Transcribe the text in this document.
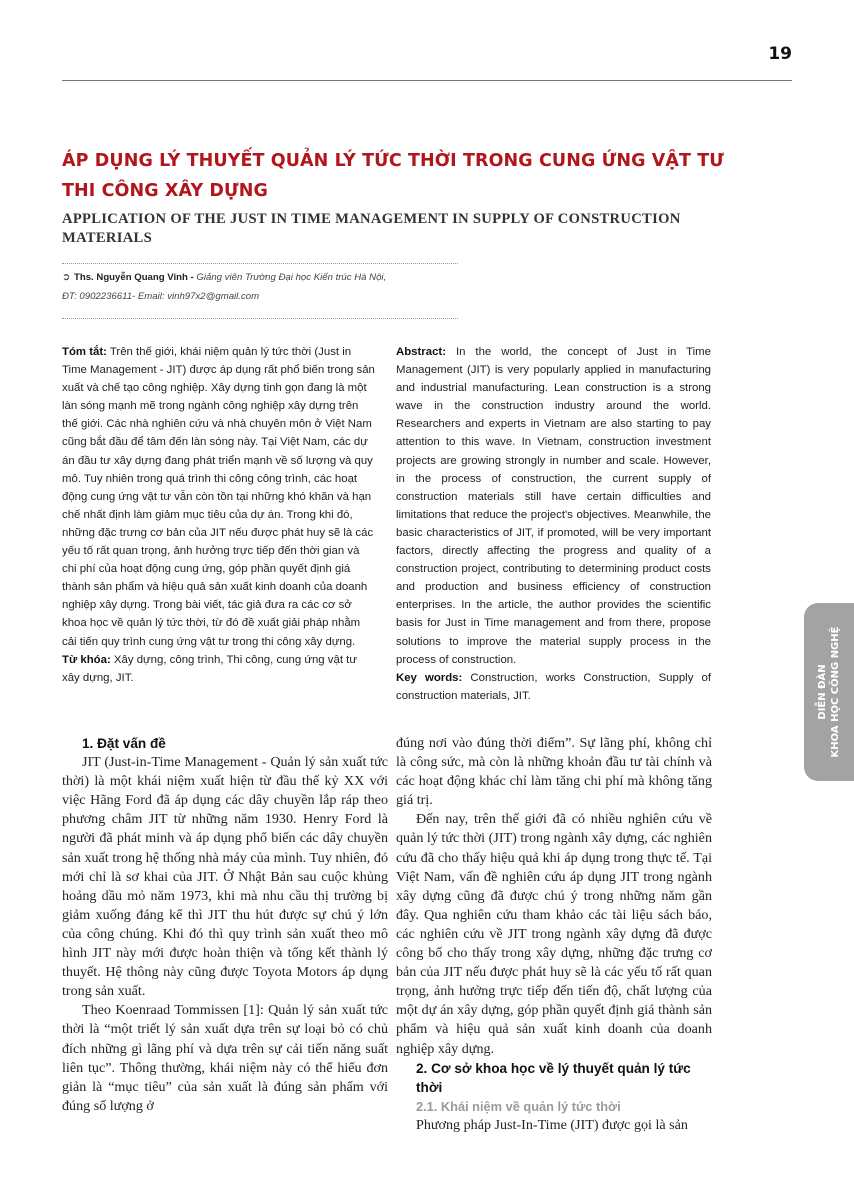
19
ÁP DỤNG LÝ THUYẾT QUẢN LÝ TỨC THỜI TRONG CUNG ỨNG VẬT TƯ THI CÔNG XÂY DỰNG
APPLICATION OF THE JUST IN TIME MANAGEMENT IN SUPPLY OF CONSTRUCTION MATERIALS
➲ Ths. Nguyễn Quang Vinh - Giảng viên Trường Đại học Kiến trúc Hà Nội,
ĐT: 0902236611- Email: vinh97x2@gmail.com

Tóm tắt: Trên thế giới, khái niệm quản lý tức thời (Just in Time Management - JIT) được áp dụng rất phổ biến trong sản xuất và chế tạo công nghiệp. Xây dựng tinh gọn đang là một làn sóng mạnh mẽ trong ngành công nghiệp xây dựng trên thế giới. Các nhà nghiên cứu và nhà chuyên môn ở Việt Nam cũng bắt đầu để tâm đến làn sóng này. Tại Việt Nam, các dự án đầu tư xây dựng đang phát triển mạnh về số lượng và quy mô. Tuy nhiên trong quá trình thi công công trình, các hoạt động cung ứng vật tư vẫn còn tồn tại những khó khăn và hạn chế nhất định làm giảm mục tiêu của dự án. Trong khi đó, những đặc trưng cơ bản của JIT nếu được phát huy sẽ là các yếu tố rất quan trọng, ảnh hưởng trực tiếp đến thời gian và chi phí của hoạt động cung ứng, góp phần quyết định giá thành sản phẩm và hiệu quả sản xuất kinh doanh của doanh nghiệp xây dựng. Trong bài viết, tác giả đưa ra các cơ sở khoa học về quản lý tức thời, từ đó đề xuất giải pháp nhằm cải tiến quy trình cung ứng vật tư trong thi công xây dựng.

Từ khóa: Xây dựng, công trình, Thi công, cung ứng vật tư xây dựng, JIT.

Abstract: In the world, the concept of Just in Time Management (JIT) is very popularly applied in manufacturing and industrial manufacturing. Lean construction is a strong wave in the construction industry around the world. Researchers and experts in Vietnam are also starting to pay attention to this wave. In Vietnam, construction investment projects are growing strongly in number and scale. However, in the process of construction, the current supply of construction materials still have certain difficulties and limitations that reduce the project's objectives. Meanwhile, the basic characteristics of JIT, if promoted, will be very important factors, directly affecting the progress and quality of a construction project, contributing to determining product costs and production and business efficiency of construction enterprises. In the article, the author provides the scientific basis for Just in Time management and from there, propose solutions to improve the material supply process in the process of construction.

Key words: Construction, works Construction, Supply of construction materials, JIT.

1. Đặt vấn đề

JIT (Just-in-Time Management - Quản lý sản xuất tức thời) là một khái niệm xuất hiện từ đầu thế kỷ XX với việc Hãng Ford đã áp dụng các dây chuyền lắp ráp theo phương châm JIT từ những năm 1930. Henry Ford là người đã phát minh và áp dụng phổ biến các dây chuyền sản xuất trong hệ thống nhà máy của mình. Tuy nhiên, đó mới chỉ là sơ khai của JIT. Ở Nhật Bản sau cuộc khủng hoảng dầu mỏ năm 1973, khi mà nhu cầu thị trường bị giảm xuống đáng kể thì JIT thu hút được sự chú ý lớn của công chúng. Khi đó thì quy trình sản xuất theo mô hình JIT này mới được hoàn thiện và tổng kết thành lý thuyết. Hệ thông này cũng được Toyota Motors áp dụng trong sản xuất.

Theo Koenraad Tommissen [1]: Quản lý sản xuất tức thời là “một triết lý sản xuất dựa trên sự loại bỏ có chủ đích những gì lãng phí và dựa trên sự cải tiến năng suất liên tục”. Thông thường, khái niệm này có thể hiểu đơn giản là “mục tiêu” của sản xuất là đúng sản phẩm với đúng số lượng ở

đúng nơi vào đúng thời điểm”. Sự lãng phí, không chỉ là công sức, mà còn là những khoản đầu tư tài chính và các hoạt động khác chỉ làm tăng chi phí mà không tăng giá trị.

Đến nay, trên thế giới đã có nhiều nghiên cứu về quản lý tức thời (JIT) trong ngành xây dựng, các nghiên cứu đã cho thấy hiệu quả khi áp dụng trong thực tế. Tại Việt Nam, vấn đề nghiên cứu áp dụng JIT trong ngành xây dựng cũng đã được chú ý trong những năm gần đây. Qua nghiên cứu tham khảo các tài liệu sách báo, các nghiên cứu về JIT trong ngành xây dựng đã được công bố cho thấy trong xây dựng, những đặc trưng cơ bản của JIT nếu được phát huy sẽ là các yếu tố rất quan trọng, ảnh hưởng trực tiếp đến tiến độ, chất lượng của một dự án xây dựng, góp phần quyết định giá thành sản phẩm và hiệu quả sản xuất kinh doanh của doanh nghiệp xây dựng.

2. Cơ sở khoa học về lý thuyết quản lý tức thời
2.1. Khái niệm về quản lý tức thời

Phương pháp Just-In-Time (JIT) được gọi là sản

DIỄN ĐÀN KHOA HỌC CÔNG NGHỆ
